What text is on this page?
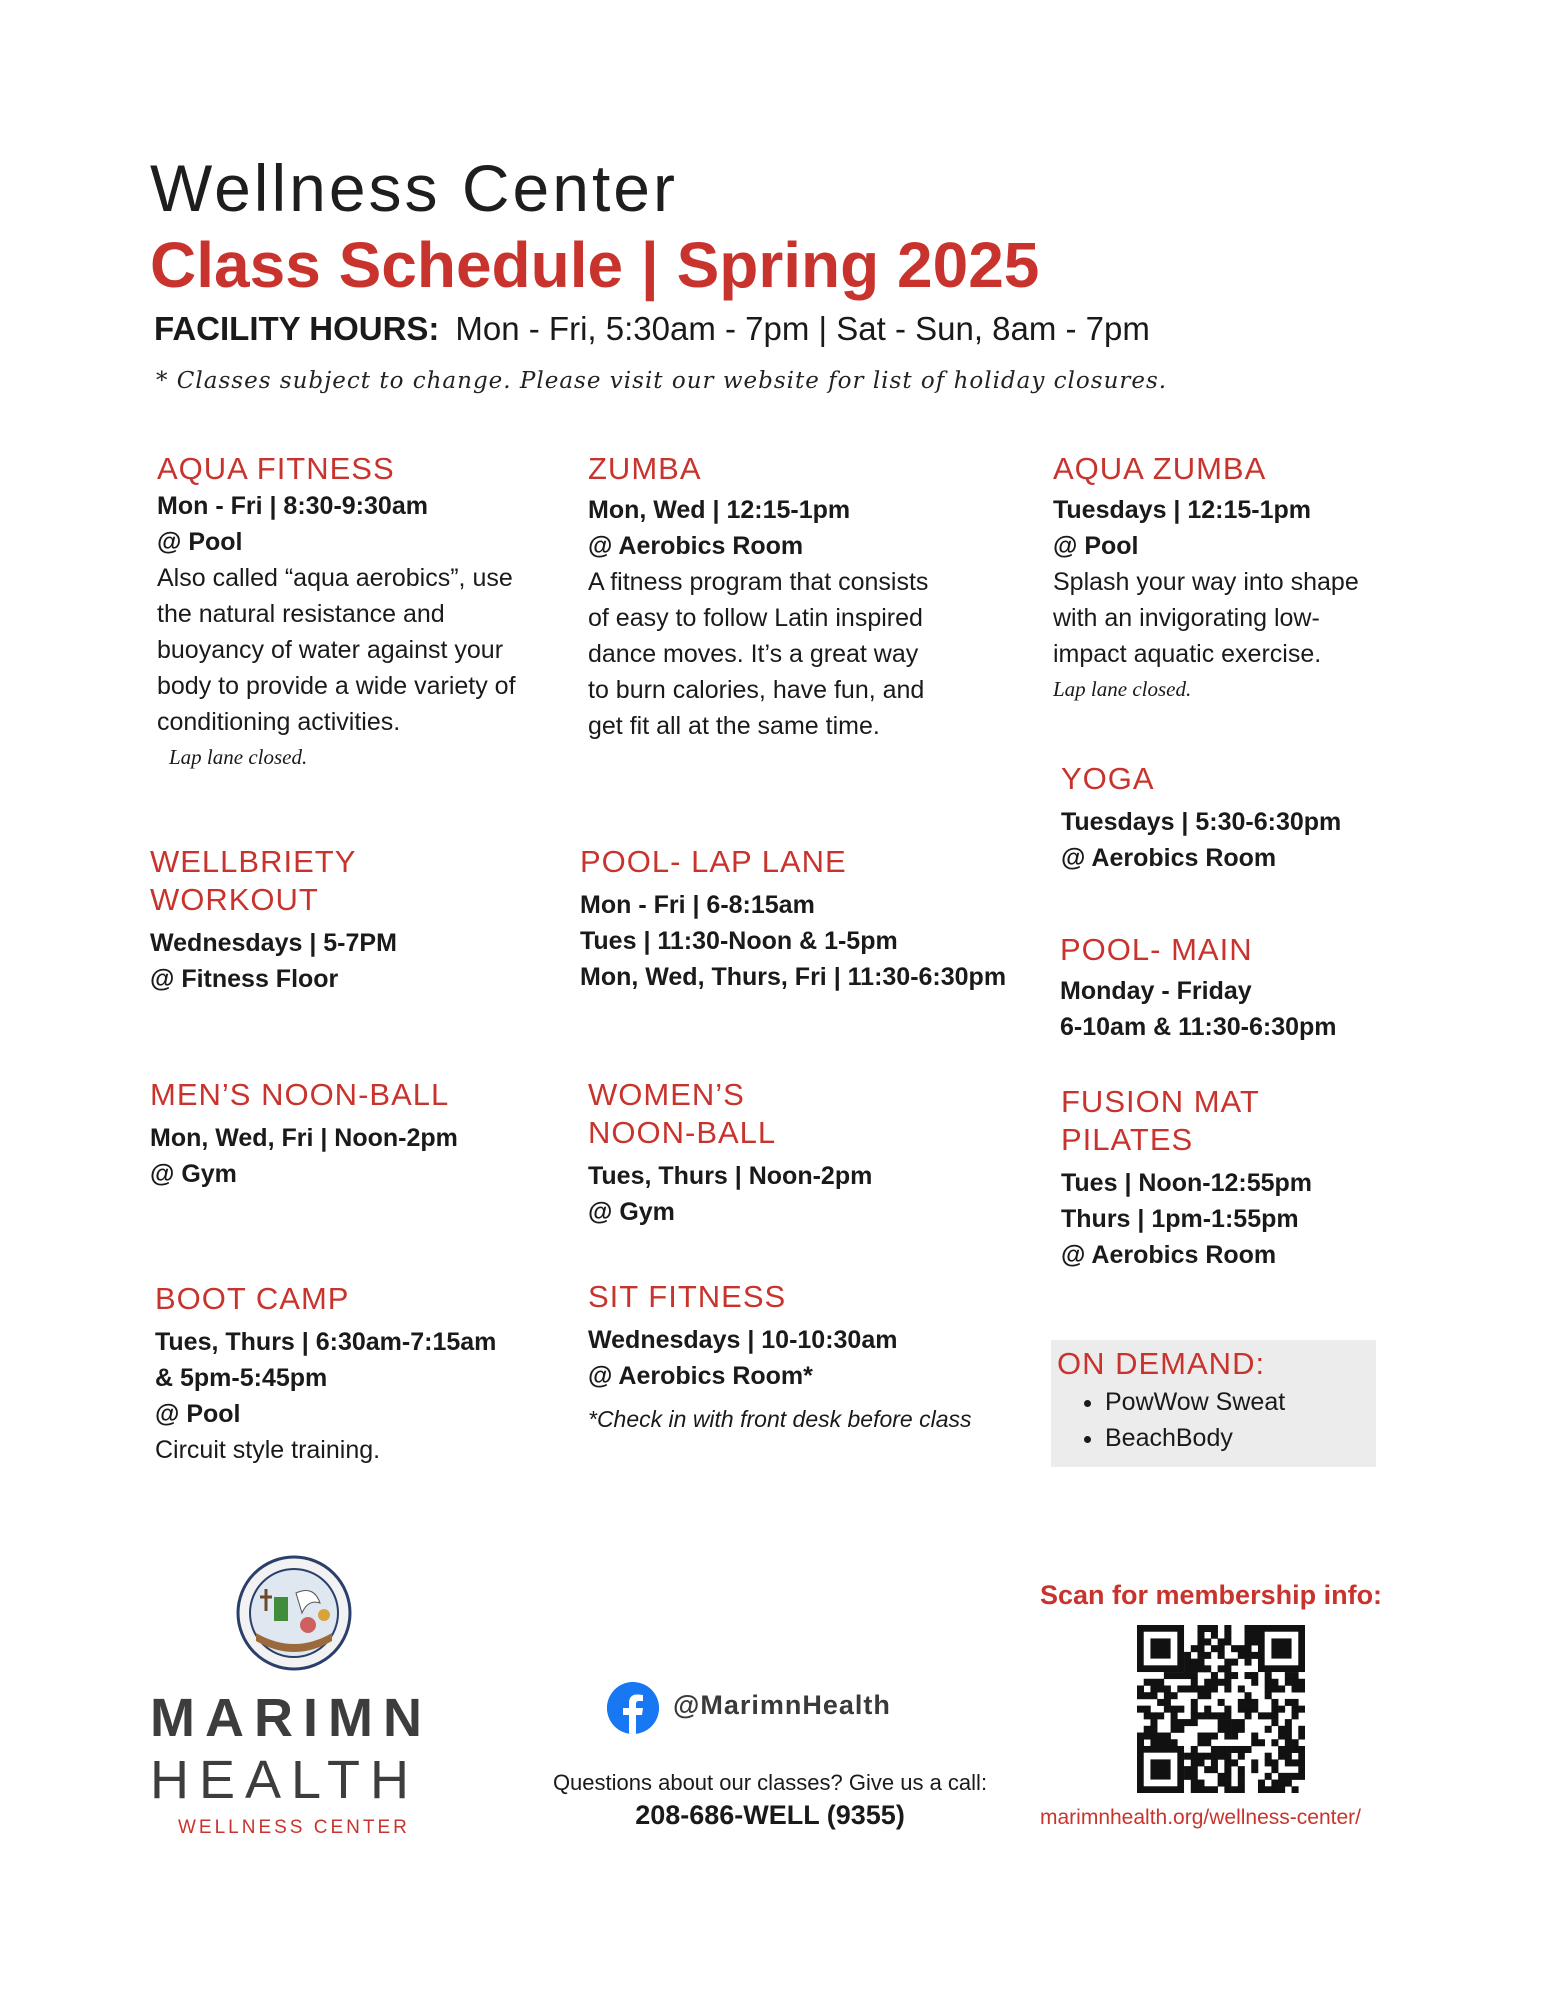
Wellness Center
Class Schedule | Spring 2025
FACILITY HOURS: Mon - Fri, 5:30am - 7pm | Sat - Sun, 8am - 7pm
* Classes subject to change. Please visit our website for list of holiday closures.
AQUA FITNESS

Mon - Fri | 8:30-9:30am

@ Pool

Also called “aqua aerobics”, use the natural resistance and buoyancy of water against your body to provide a wide variety of conditioning activities.

Lap lane closed.

WELLBRIETY
WORKOUT

Wednesdays | 5-7PM

@ Fitness Floor

MEN’S NOON-BALL

Mon, Wed, Fri | Noon-2pm

@ Gym

BOOT CAMP

Tues, Thurs | 6:30am-7:15am

& 5pm-5:45pm

@ Pool

Circuit style training.

ZUMBA

Mon, Wed | 12:15-1pm

@ Aerobics Room

A fitness program that consists of easy to follow Latin inspired dance moves. It’s a great way to burn calories, have fun, and get fit all at the same time.

POOL- LAP LANE

Mon - Fri | 6-8:15am

Tues | 11:30-Noon & 1-5pm

Mon, Wed, Thurs, Fri | 11:30-6:30pm

WOMEN’S
NOON-BALL

Tues, Thurs | Noon-2pm

@ Gym

SIT FITNESS

Wednesdays | 10-10:30am

@ Aerobics Room*

*Check in with front desk before class

AQUA ZUMBA

Tuesdays | 12:15-1pm

@ Pool

Splash your way into shape with an invigorating low-impact aquatic exercise.

Lap lane closed.

YOGA

Tuesdays | 5:30-6:30pm

@ Aerobics Room

POOL- MAIN

Monday - Friday

6-10am & 11:30-6:30pm

FUSION MAT
PILATES

Tues | Noon-12:55pm

Thurs | 1pm-1:55pm

@ Aerobics Room

ON DEMAND:
• PowWow Sweat
• BeachBody
MARIMN
HEALTH
WELLNESS CENTER
@MarimnHealth
Questions about our classes? Give us a call:
208-686-WELL (9355)
Scan for membership info:
marimnhealth.org/wellness-center/
